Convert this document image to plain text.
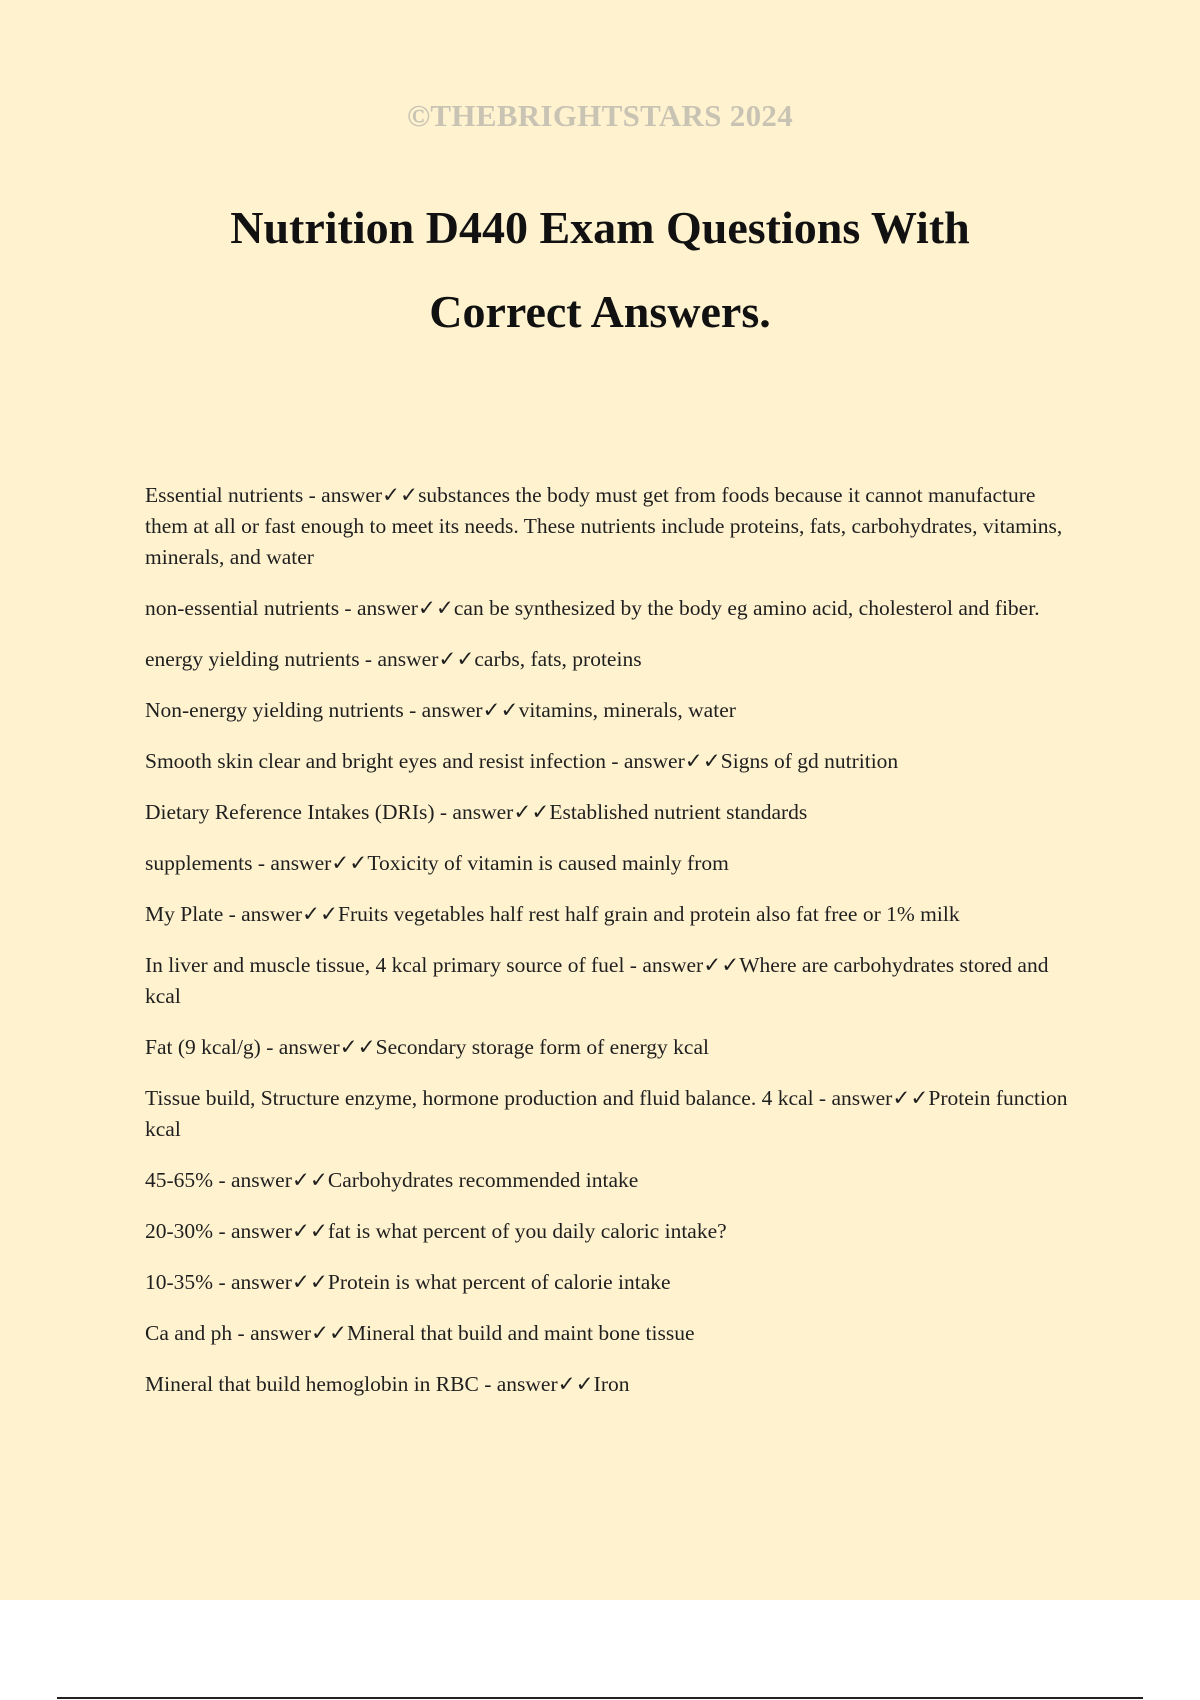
©THEBRIGHTSTARS 2024
Nutrition D440 Exam Questions With
Correct Answers.
Essential nutrients - answer✓✓substances the body must get from foods because it cannot manufacture them at all or fast enough to meet its needs. These nutrients include proteins, fats, carbohydrates, vitamins, minerals, and water
non-essential nutrients - answer✓✓can be synthesized by the body eg amino acid, cholesterol and fiber.
energy yielding nutrients - answer✓✓carbs, fats, proteins
Non-energy yielding nutrients - answer✓✓vitamins, minerals, water
Smooth skin clear and bright eyes and resist infection - answer✓✓Signs of gd nutrition
Dietary Reference Intakes (DRIs) - answer✓✓Established nutrient standards
supplements - answer✓✓Toxicity of vitamin is caused mainly from
My Plate - answer✓✓Fruits vegetables half rest half grain and protein also fat free or 1% milk
In liver and muscle tissue, 4 kcal primary source of fuel - answer✓✓Where are carbohydrates stored and kcal
Fat (9 kcal/g) - answer✓✓Secondary storage form of energy kcal
Tissue build, Structure enzyme, hormone production and fluid balance. 4 kcal - answer✓✓Protein function kcal
45-65% - answer✓✓Carbohydrates recommended intake
20-30% - answer✓✓fat is what percent of you daily caloric intake?
10-35% - answer✓✓Protein is what percent of calorie intake
Ca and ph - answer✓✓Mineral that build and maint bone tissue
Mineral that build hemoglobin in RBC - answer✓✓Iron
